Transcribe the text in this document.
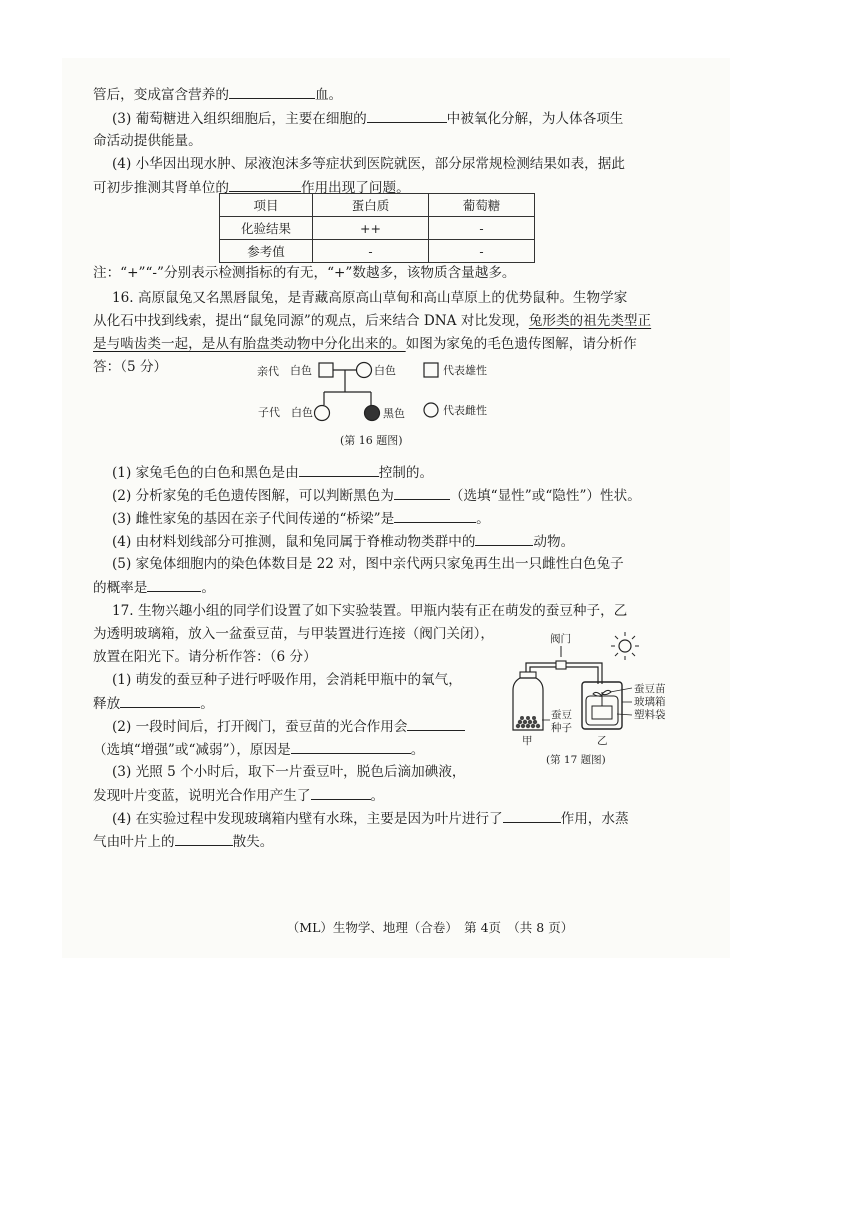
管后，变成富含营养的	血。
(3) 葡萄糖进入组织细胞后，主要在细胞的	中被氧化分解，为人体各项生
命活动提供能量。
(4) 小华因出现水肿、尿液泡沫多等症状到医院就医，部分尿常规检测结果如表，据此
可初步推测其肾单位的	作用出现了问题。
项目	蛋白质	葡萄糖
化验结果	++	-
参考值	-	-
注：“+”“-”分别表示检测指标的有无，“+”数越多，该物质含量越多。
16. 高原鼠兔又名黑唇鼠兔，是青藏高原高山草甸和高山草原上的优势鼠种。生物学家
从化石中找到线索，提出“鼠兔同源”的观点，后来结合 DNA 对比发现，兔形类的祖先类型正
是与啮齿类一起，是从有胎盘类动物中分化出来的。如图为家兔的毛色遗传图解，请分析作
答：（5 分）	亲代 白色	白色
子代 白色	黑色
代表雄性
代表雌性
(第 16 题图)
(1) 家兔毛色的白色和黑色是由	控制的。
(2) 分析家兔的毛色遗传图解，可以判断黑色为	（选填“显性”或“隐性”）性状。
(3) 雌性家兔的基因在亲子代间传递的“桥梁”是	。
(4) 由材料划线部分可推测，鼠和兔同属于脊椎动物类群中的	动物。
(5) 家兔体细胞内的染色体数目是 22 对，图中亲代两只家兔再生出一只雌性白色兔子
的概率是	。
17. 生物兴趣小组的同学们设置了如下实验装置。甲瓶内装有正在萌发的蚕豆种子，乙
为透明玻璃箱，放入一盆蚕豆苗，与甲装置进行连接（阀门关闭），
放置在阳光下。请分析作答：（6 分）
(1) 萌发的蚕豆种子进行呼吸作用，会消耗甲瓶中的氧气，
释放	。
(2) 一段时间后，打开阀门，蚕豆苗的光合作用会
（选填“增强”或“减弱”），原因是	。
(3) 光照 5 个小时后，取下一片蚕豆叶，脱色后滴加碘液，
发现叶片变蓝，说明光合作用产生了	。
(4) 在实验过程中发现玻璃箱内壁有水珠，主要是因为叶片进行了	作用，水蒸
气由叶片上的	散失。
阀门
蚕豆
种子
甲
蚕豆苗
玻璃箱
塑料袋
乙
(第 17 题图)
（ML）生物学、地理（合卷）　第 4页　（共 8 页）
